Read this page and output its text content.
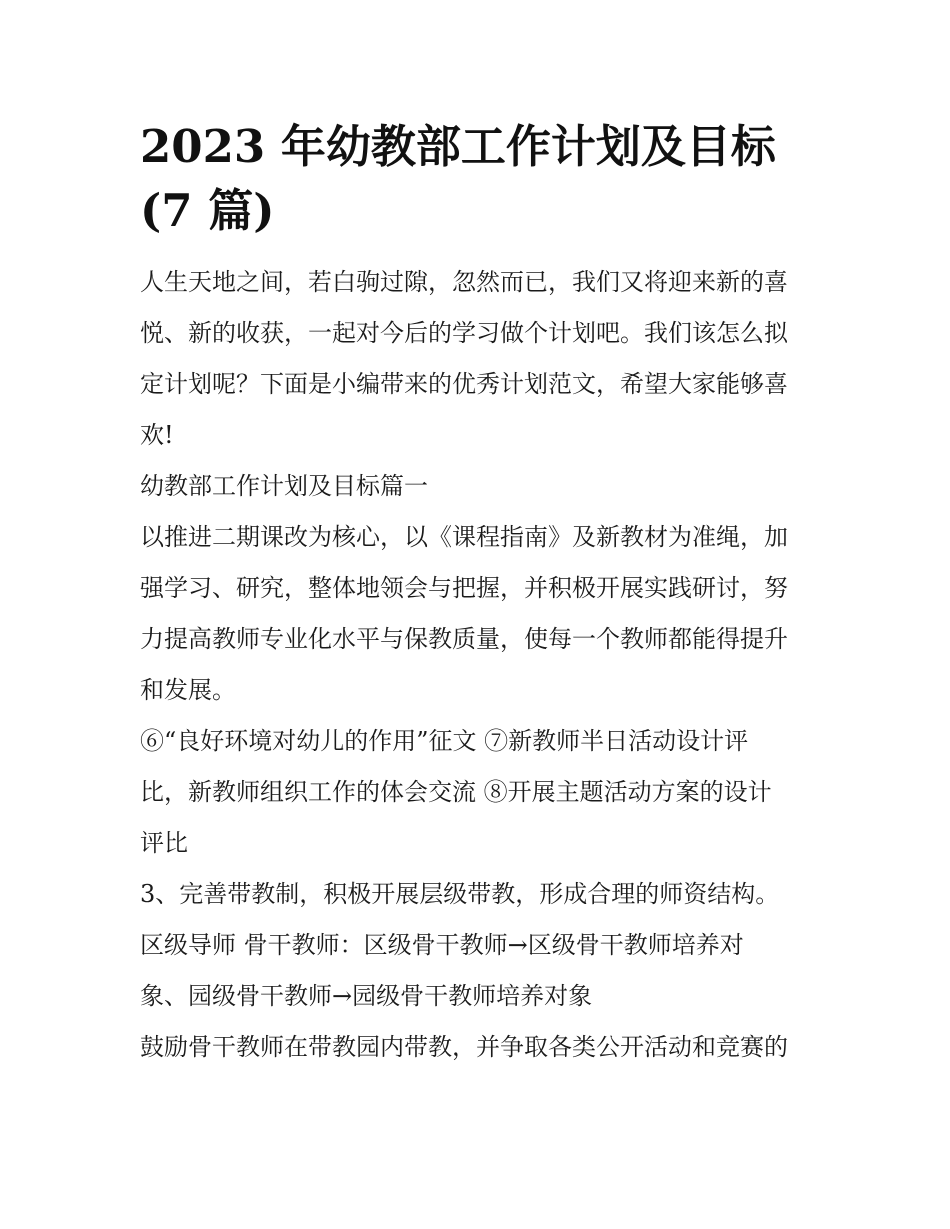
2023 年幼教部工作计划及目标
(7 篇)

人生天地之间，若白驹过隙，忽然而已，我们又将迎来新的喜
悦、新的收获，一起对今后的学习做个计划吧。我们该怎么拟
定计划呢？下面是小编带来的优秀计划范文，希望大家能够喜
欢!

幼教部工作计划及目标篇一

以推进二期课改为核心，以《课程指南》及新教材为准绳，加
强学习、研究，整体地领会与把握，并积极开展实践研讨，努
力提高教师专业化水平与保教质量，使每一个教师都能得提升
和发展。

⑥“良好环境对幼儿的作用”征文 ⑦新教师半日活动设计评
比，新教师组织工作的体会交流 ⑧开展主题活动方案的设计
评比

3、完善带教制，积极开展层级带教，形成合理的师资结构。

区级导师 骨干教师：区级骨干教师→区级骨干教师培养对
象、园级骨干教师→园级骨干教师培养对象

鼓励骨干教师在带教园内带教，并争取各类公开活动和竞赛的
